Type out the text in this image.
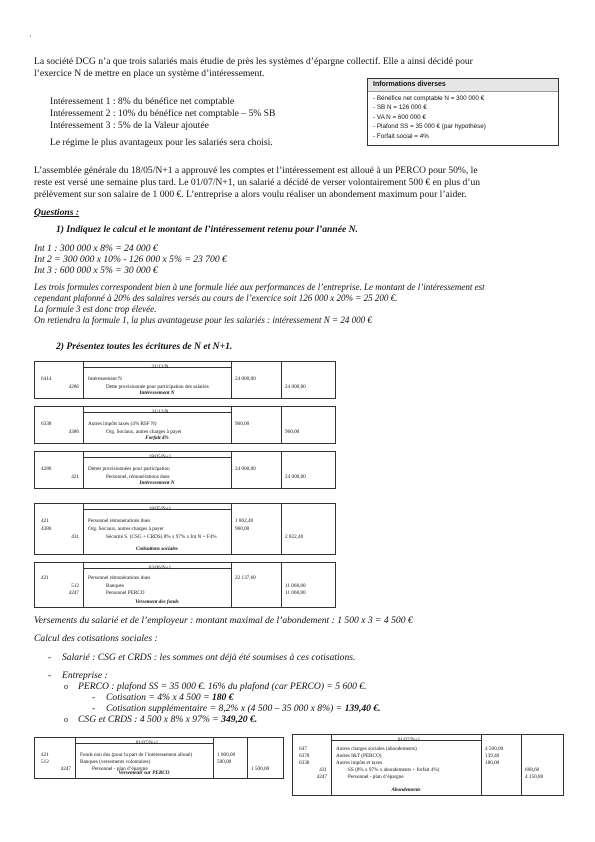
·

La société DCG n’a que trois salariés mais étudie de près les systèmes d’épargne collectif. Elle a ainsi décidé pour

l’exercice N de mettre en place un système d’intéressement.

Intéressement 1 : 8% du bénéfice net comptable

Intéressement 2 : 10% du bénéfice net comptable – 5% SB

Intéressement 3 : 5% de la Valeur ajoutée

Le régime le plus avantageux pour les salariés sera choisi.

Informations diverses
- Bénéfice net comptable N = 300 000 €
- SB N = 126 000 €
- VA N = 600 000 €
- Plafond SS = 35 000 € (par hypothèse)
- Forfait social = 4%

L’assemblée générale du 18/05/N+1 a approuvé les comptes et l’intéressement est alloué à un PERCO pour 50%, le

reste est versé une semaine plus tard. Le 01/07/N+1, un salarié a décidé de verser volontairement 500 € en plus d’un

prélèvement sur son salaire de 1 000 €. L’entreprise a alors voulu réaliser un abondement maximum pour l’aider.

Questions :

1) Indiquez le calcul et le montant de l’intéressement retenu pour l’année N.

Int 1 : 300 000 x 8% = 24 000 €

Int 2 = 300 000 x 10% - 126 000 x 5% = 23 700 €

Int 3 : 600 000 x 5% = 30 000 €

Les trois formules correspondent bien à une formule liée aux performances de l’entreprise. Le montant de l’intéressement est

cependant plafonné à 20% des salaires versés au cours de l’exercice soit 126 000 x 20% = 25 200 €.

La formule 3 est donc trop élevée.

On retiendra la formule 1, la plus avantageuse pour les salariés : intéressement N = 24 000 €

2) Présentez toutes les écritures de N et N+1.

31/12/N
6414	Intéressement N	24 000,00
4286	Dette provisionnée pour participation des salariés	24 000,00
Intéressement N
31/12/N
6338	Autres impôts taxes (4% RSF N)	960,00
4386	Org. Sociaux, autres charges à payer	960,00
Forfait 4%
18/05/N+1
4286	Dettes provisionnées pour participation	24 000,00
421	Personnel, rémunérations dues	24 000,00
Intéressement N
18/05/N+1
421	Personnel rémunérations dues	1 862,40
4386	Org. Sociaux, autres charges à payer	960,00
431	Sécurité S. (CSG + CRDS) 8% x 97% x Int N + F4%	2 822,40
Cotisations sociales
03/06/N+1
421	Personnel rémunérations dues	22 137,60
512	Banques	11 068,80
4247	Personnel PERCO	11 068,80
Versement des fonds
01/07/N+1
421	Fonds non dus (pour la part de l’intéressement alloué)	1 000,00
512	Banques (versements volontaires)	500,00
4247	Personnel - plan d’épargne	1 500,00
Versements sur PERCO
01/07/N+1
647	Autres charges sociales (abondements)	4 500,00
6378	Autres I&T (PERCO)	139,40
6338	Autres impôts et taxes	180,00
431	SS (8% x 97% x abondements + forfait 4%)	668,60
4247	Personnel - plan d’épargne	4 150,80
Abondements

Versements du salarié et de l’employeur : montant maximal de l’abondement : 1 500 x 3 = 4 500 €

Calcul des cotisations sociales :

- Salarié : CSG et CRDS : les sommes ont déjà été soumises à ces cotisations.

- Entreprise :

o PERCO : plafond SS = 35 000 €. 16% du plafond (car PERCO) = 5 600 €.

- Cotisation = 4% x 4 500 = 180 €

- Cotisation supplémentaire = 8,2% x (4 500 – 35 000 x 8%) = 139,40 €.

o CSG et CRDS : 4 500 x 8% x 97% = 349,20 €.
